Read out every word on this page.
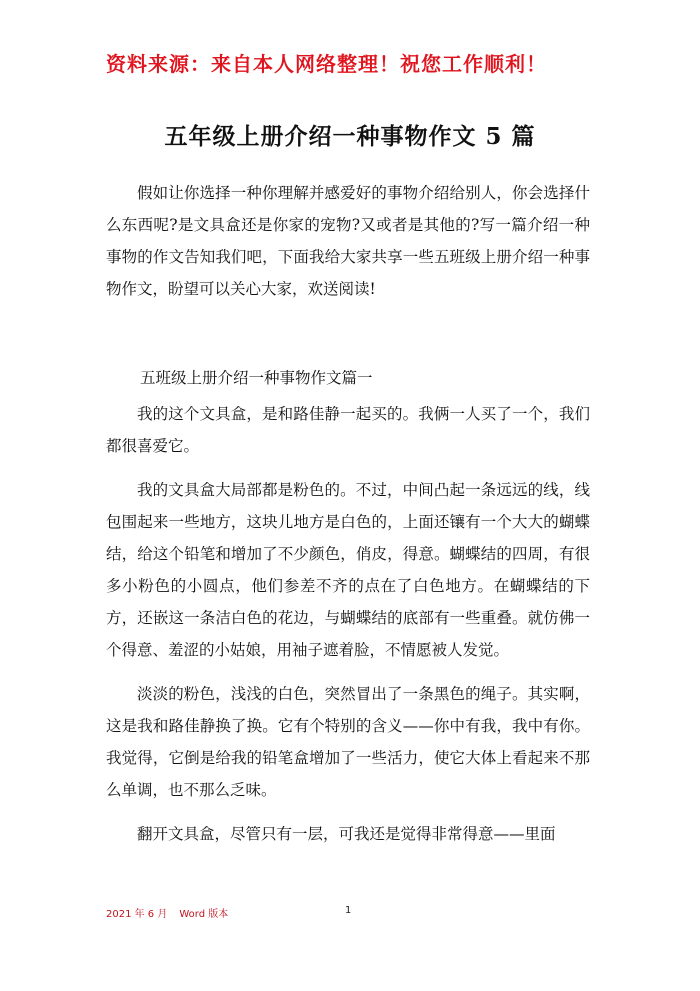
资料来源：来自本人网络整理！祝您工作顺利！
五年级上册介绍一种事物作文 5 篇

假如让你选择一种你理解并感爱好的事物介绍给别人，你会选择什么东西呢?是文具盒还是你家的宠物?又或者是其他的?写一篇介绍一种事物的作文告知我们吧，下面我给大家共享一些五班级上册介绍一种事物作文，盼望可以关心大家，欢送阅读!

五班级上册介绍一种事物作文篇一

我的这个文具盒，是和路佳静一起买的。我俩一人买了一个，我们都很喜爱它。

我的文具盒大局部都是粉色的。不过，中间凸起一条远远的线，线包围起来一些地方，这块儿地方是白色的，上面还镶有一个大大的蝴蝶结，给这个铅笔和增加了不少颜色，俏皮，得意。蝴蝶结的四周，有很多小粉色的小圆点，他们参差不齐的点在了白色地方。在蝴蝶结的下方，还嵌这一条洁白色的花边，与蝴蝶结的底部有一些重叠。就仿佛一个得意、羞涩的小姑娘，用袖子遮着脸，不情愿被人发觉。

淡淡的粉色，浅浅的白色，突然冒出了一条黑色的绳子。其实啊，这是我和路佳静换了换。它有个特别的含义——你中有我，我中有你。我觉得，它倒是给我的铅笔盒增加了一些活力，使它大体上看起来不那么单调，也不那么乏味。

翻开文具盒，尽管只有一层，可我还是觉得非常得意——里面

2021 年 6 月 Word 版本	1
